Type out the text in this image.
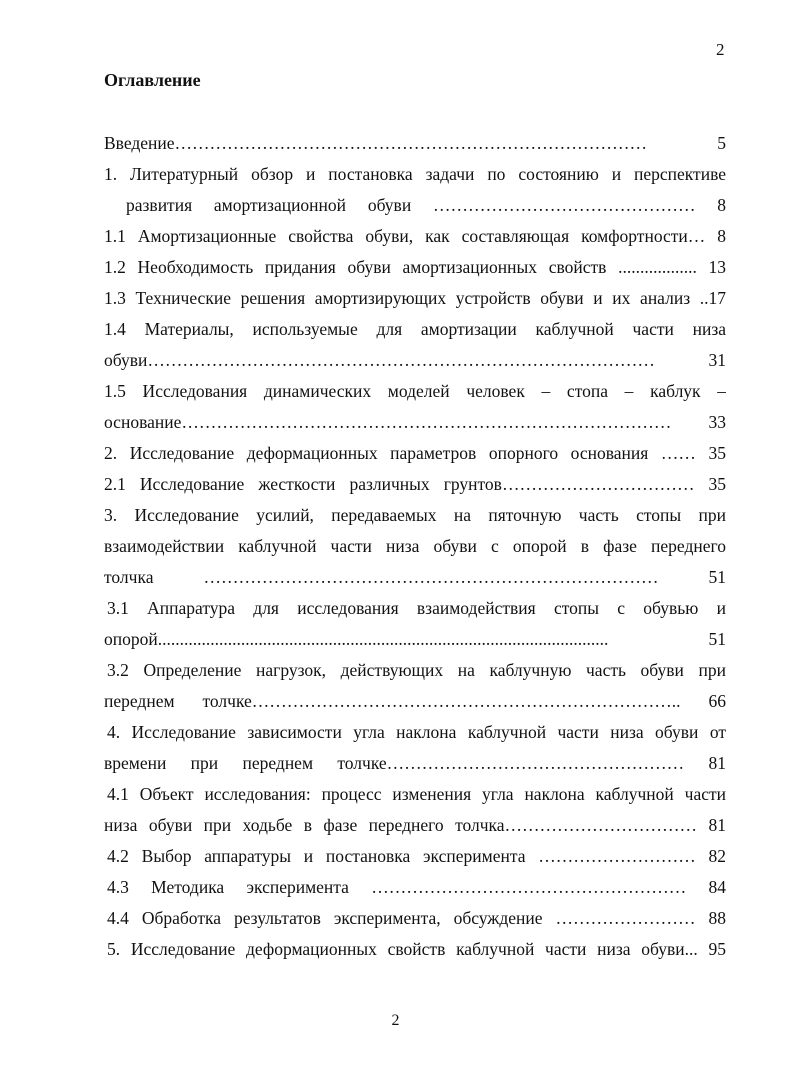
2
Оглавление
Введение……………………………………………………………………… 5
1. Литературный обзор и постановка задачи по состоянию и перспективе
развития амортизационной обуви ……………………………………… 8
1.1 Амортизационные свойства обуви, как составляющая комфортности… 8
1.2 Необходимость придания обуви амортизационных свойств .................. 13
1.3 Технические решения амортизирующих устройств обуви и их анализ ..17
1.4 Материалы, используемые для амортизации каблучной части низа
обуви…………………………………………………………………………… 31
1.5 Исследования динамических моделей человек – стопа – каблук –
основание………………………………………………………………………… 33
2. Исследование деформационных параметров опорного основания …… 35
2.1 Исследование жесткости различных грунтов…………………………… 35
3. Исследование усилий, передаваемых на пяточную часть стопы при
взаимодействии каблучной части низа обуви с опорой в фазе переднего
толчка …………………………………………………………………… 51
3.1 Аппаратура для исследования взаимодействия стопы с обувью и
опорой....................................................................................................... 51
3.2 Определение нагрузок, действующих на каблучную часть обуви при
переднем толчке……………………………………………………………….. 66
4. Исследование зависимости угла наклона каблучной части низа обуви от
времени при переднем толчке…………………………………………… 81
4.1 Объект исследования: процесс изменения угла наклона каблучной части
низа обуви при ходьбе в фазе переднего толчка…………………………… 81
4.2 Выбор аппаратуры и постановка эксперимента ……………………… 82
4.3 Методика эксперимента ……………………………………………… 84
4.4 Обработка результатов эксперимента, обсуждение …………………… 88
5. Исследование деформационных свойств каблучной части низа обуви... 95
2
